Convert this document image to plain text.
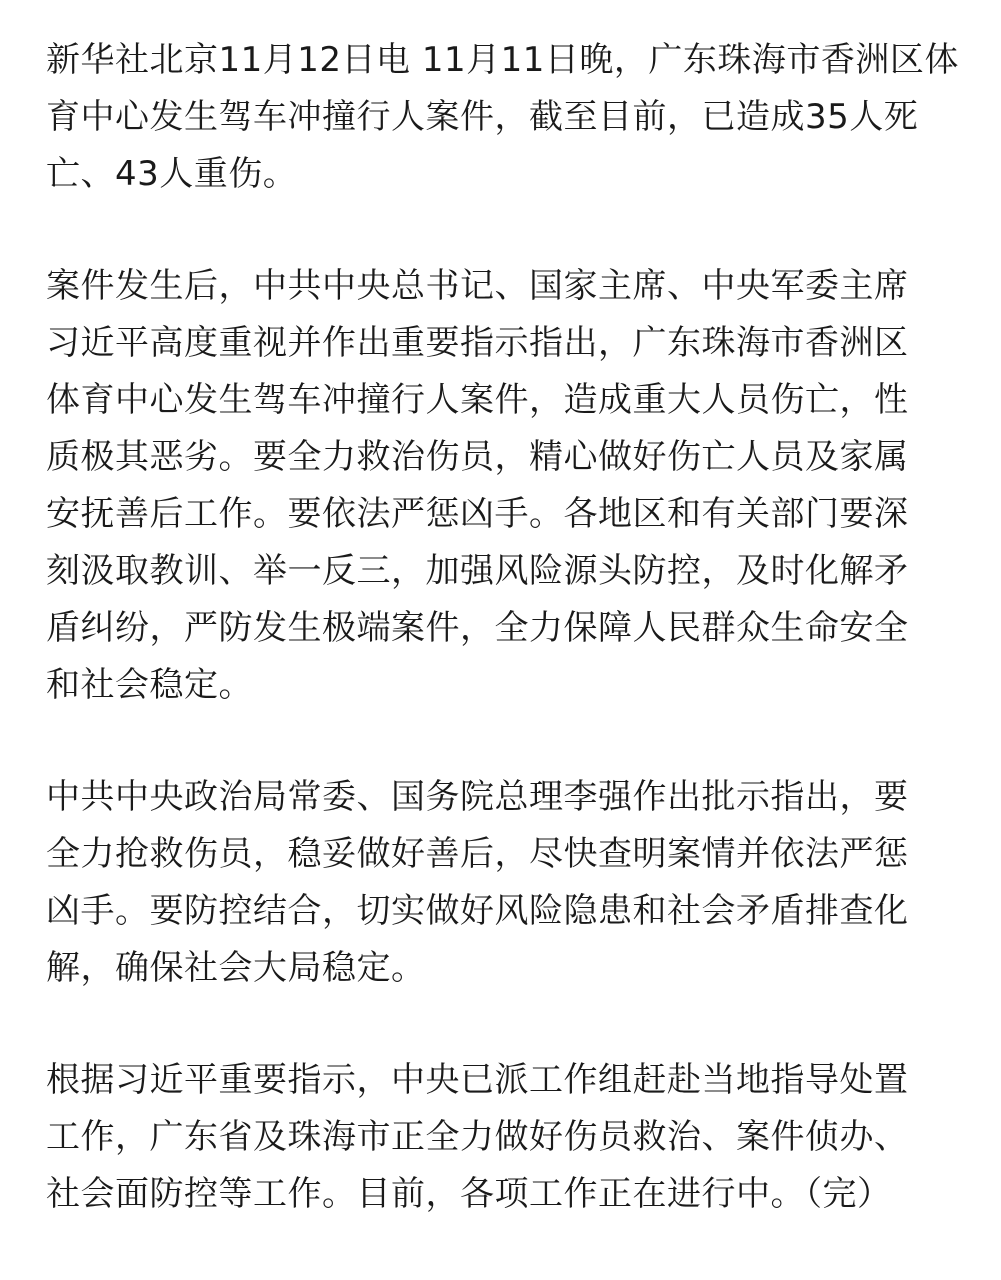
新华社北京11月12日电 11月11日晚，广东珠海市香洲区体
育中心发生驾车冲撞行人案件，截至目前，已造成35人死
亡、43人重伤。

案件发生后，中共中央总书记、国家主席、中央军委主席
习近平高度重视并作出重要指示指出，广东珠海市香洲区
体育中心发生驾车冲撞行人案件，造成重大人员伤亡，性
质极其恶劣。要全力救治伤员，精心做好伤亡人员及家属
安抚善后工作。要依法严惩凶手。各地区和有关部门要深
刻汲取教训、举一反三，加强风险源头防控，及时化解矛
盾纠纷，严防发生极端案件，全力保障人民群众生命安全
和社会稳定。

中共中央政治局常委、国务院总理李强作出批示指出，要
全力抢救伤员，稳妥做好善后，尽快查明案情并依法严惩
凶手。要防控结合，切实做好风险隐患和社会矛盾排查化
解，确保社会大局稳定。

根据习近平重要指示，中央已派工作组赶赴当地指导处置
工作，广东省及珠海市正全力做好伤员救治、案件侦办、
社会面防控等工作。目前，各项工作正在进行中。（完）
